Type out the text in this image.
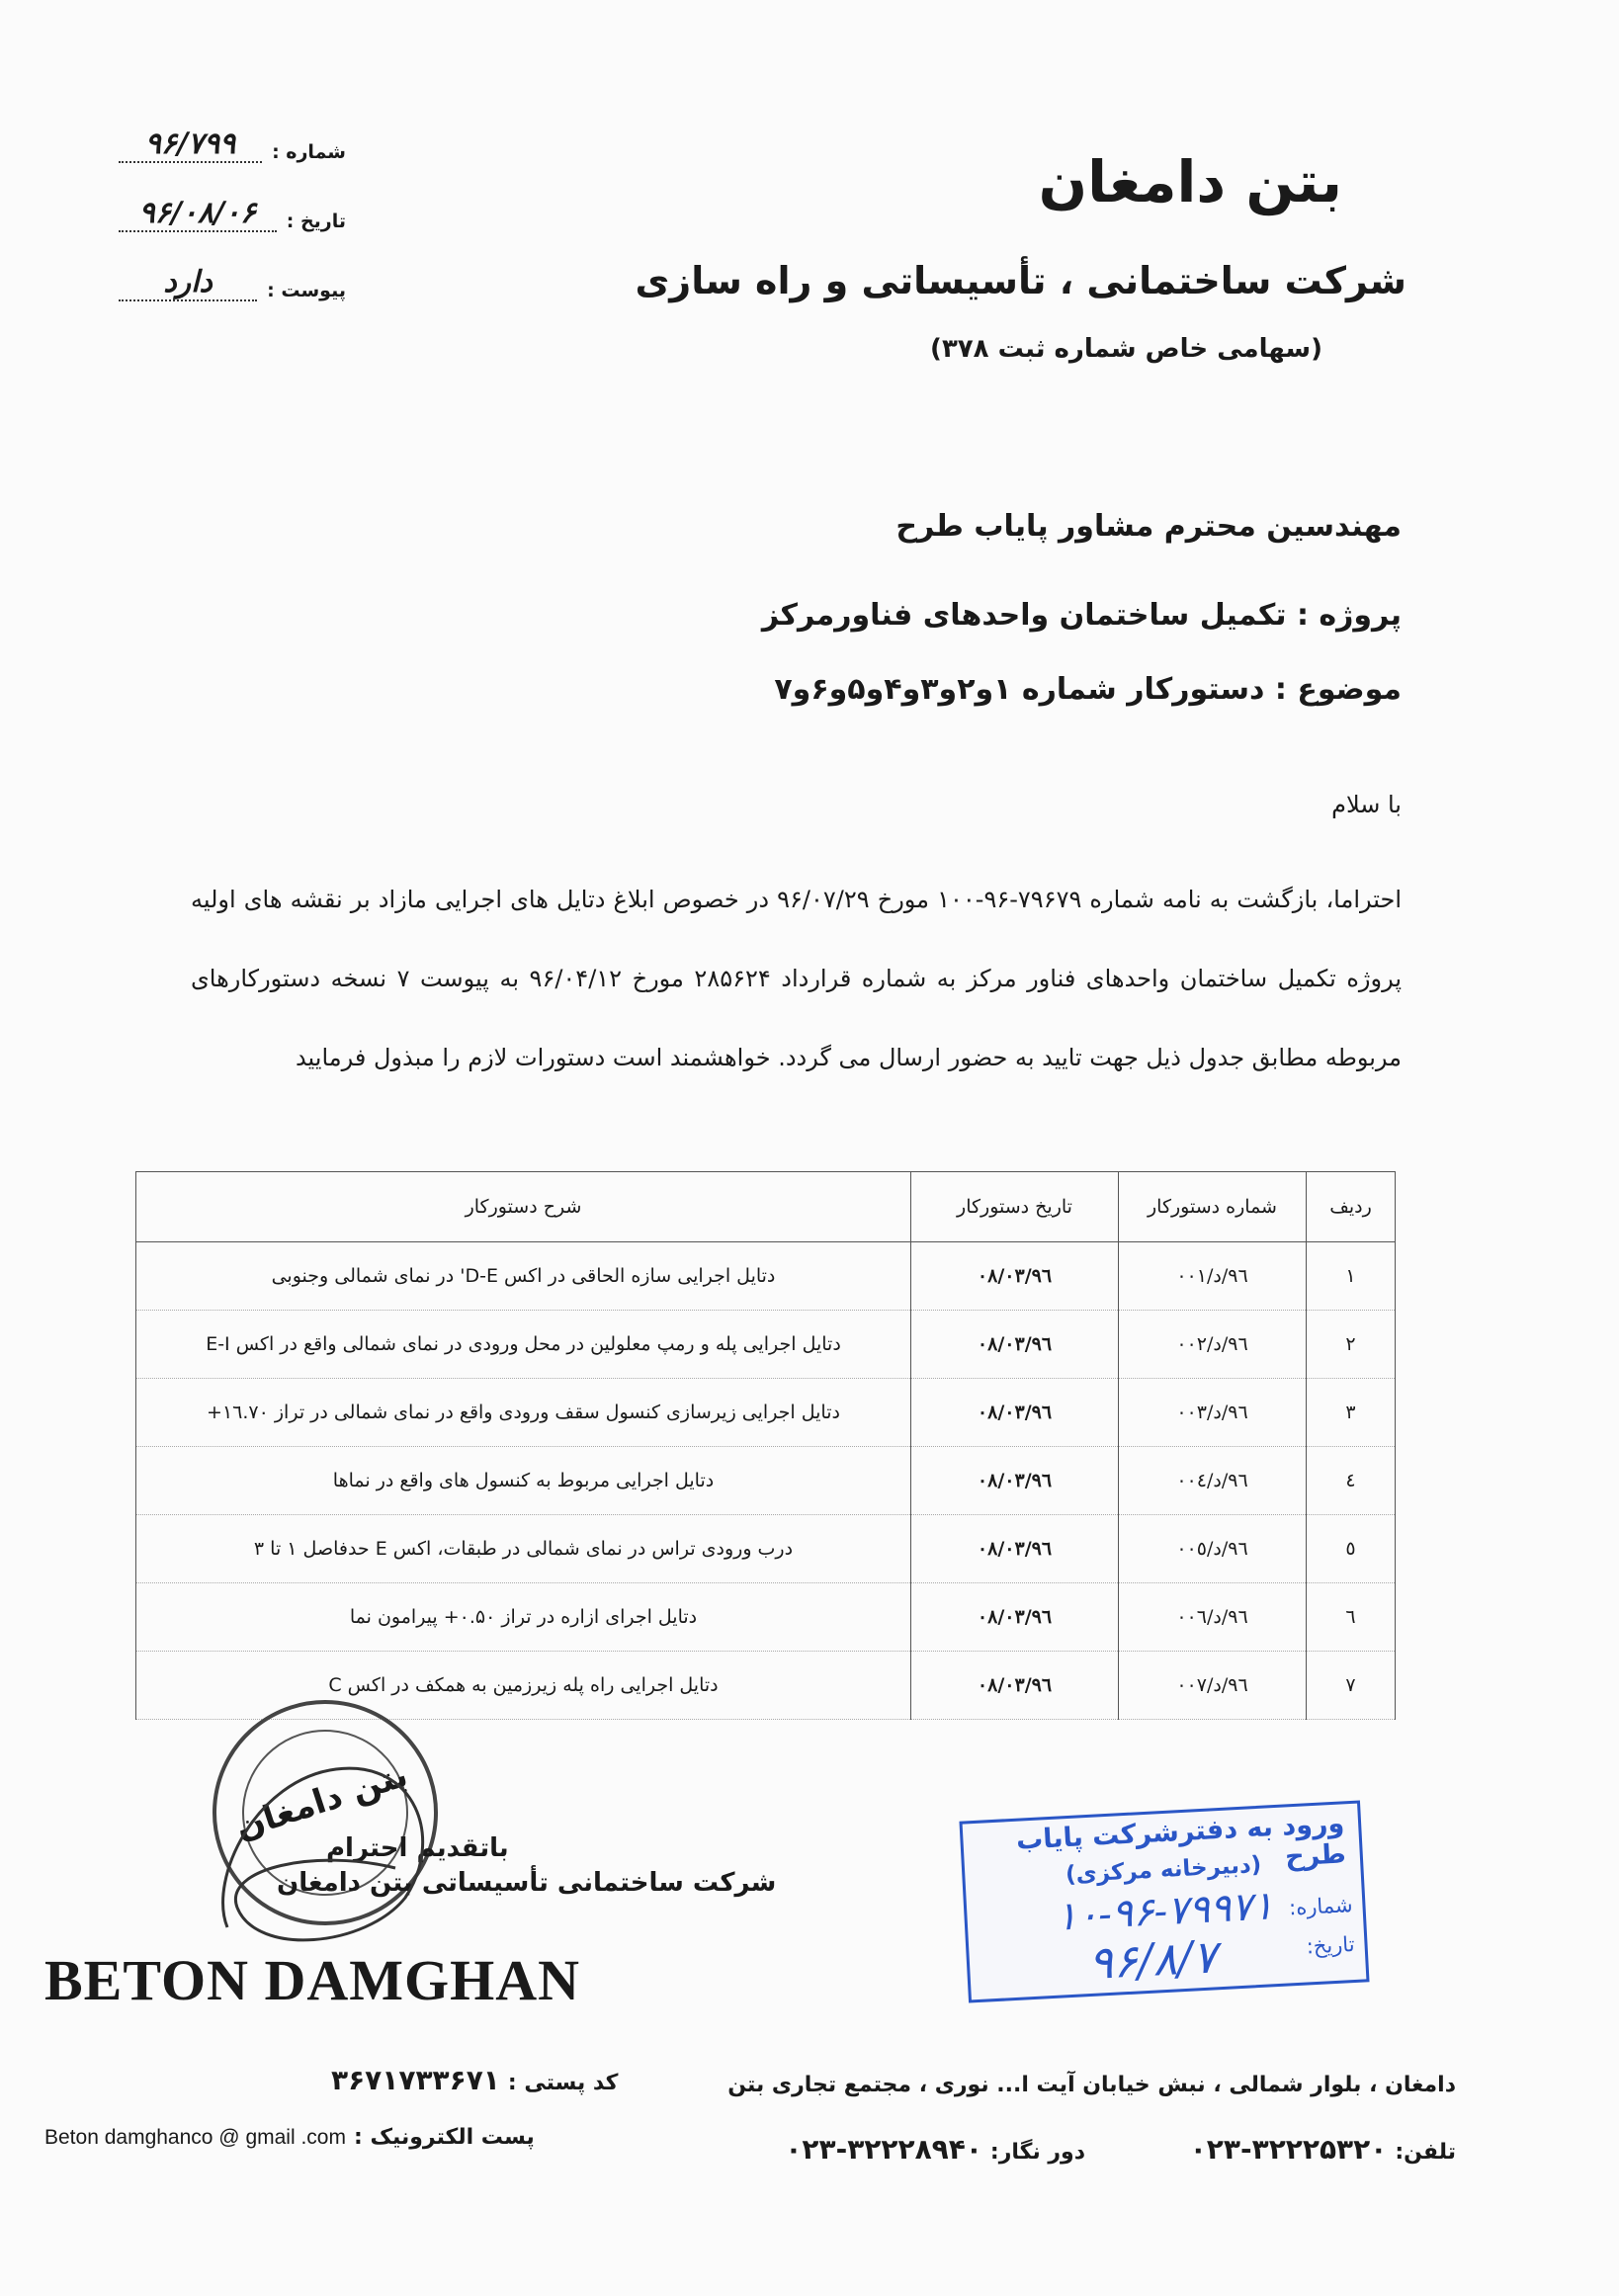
بتن دامغان
شرکت ساختمانی ، تأسیساتی و راه سازی
(سهامی خاص شماره ثبت ۳۷۸)
شماره :
۹۶/۷۹۹
تاریخ :
۹۶/۰۸/۰۶
پیوست :
دارد
مهندسین محترم مشاور پایاب طرح
پروژه : تکمیل ساختمان واحدهای فناورمرکز
موضوع : دستورکار شماره ۱و۲و۳و۴و۵و۶و۷
با سلام
احتراما، بازگشت به نامه شماره ۷۹۶۷۹-۹۶-۱۰۰ مورخ ۹۶/۰۷/۲۹ در خصوص ابلاغ دتایل های اجرایی مازاد بر نقشه های اولیه پروژه تکمیل ساختمان واحدهای فناور مرکز به شماره قرارداد ۲۸۵۶۲۴ مورخ ۹۶/۰۴/۱۲ به پیوست ۷ نسخه دستورکارهای مربوطه مطابق جدول ذیل جهت تایید به حضور ارسال می گردد. خواهشمند است دستورات لازم را مبذول فرمایید
ردیف	شماره دستورکار	تاریخ دستورکار	شرح دستورکار
۱	۹٦/د/۰۰۱	۹٦/۰۸/۰۳	دتایل اجرایی سازه الحاقی در اکس D-E' در نمای شمالی وجنوبی
۲	۹٦/د/۰۰۲	۹٦/۰۸/۰۳	دتایل اجرایی پله و رمپ معلولین در محل ورودی در نمای شمالی واقع در اکس E-I
۳	۹٦/د/۰۰۳	۹٦/۰۸/۰۳	دتایل اجرایی زیرسازی کنسول سقف ورودی واقع در نمای شمالی در تراز ۱٦.۷۰+
٤	۹٦/د/۰۰٤	۹٦/۰۸/۰۳	دتایل اجرایی مربوط به کنسول های واقع در نماها
٥	۹٦/د/۰۰٥	۹٦/۰۸/۰۳	درب ورودی تراس در نمای شمالی در طبقات، اکس E حدفاصل ۱ تا ۳
٦	۹٦/د/۰۰٦	۹٦/۰۸/۰۳	دتایل اجرای ازاره در تراز ۰.۵۰+ پیرامون نما
۷	۹٦/د/۰۰۷	۹٦/۰۸/۰۳	دتایل اجرایی راه پله زیرزمین به همکف در اکس C
بتن دامغان
باتقدیم احترام
شرکت ساختمانی تأسیساتی بتن دامغان
BETON DAMGHAN
ورود به دفترشرکت پایاب طرح
(دبیرخانه مرکزی)
شماره:
۱۰-۹۶-۷۹۹۷۱
تاریخ:
۹۶/۸/۷
دامغان ، بلوار شمالی ، نبش خیابان آیت ا... نوری ، مجتمع تجاری بتن
تلفن:
۰۲۳-۳۲۲۲۵۳۲۰
دور نگار:
۰۲۳-۳۲۲۲۸۹۴۰
کد پستی :
۳۶۷۱۷۳۳۶۷۱
پست الکترونیک :
Beton damghanco @ gmail .com
